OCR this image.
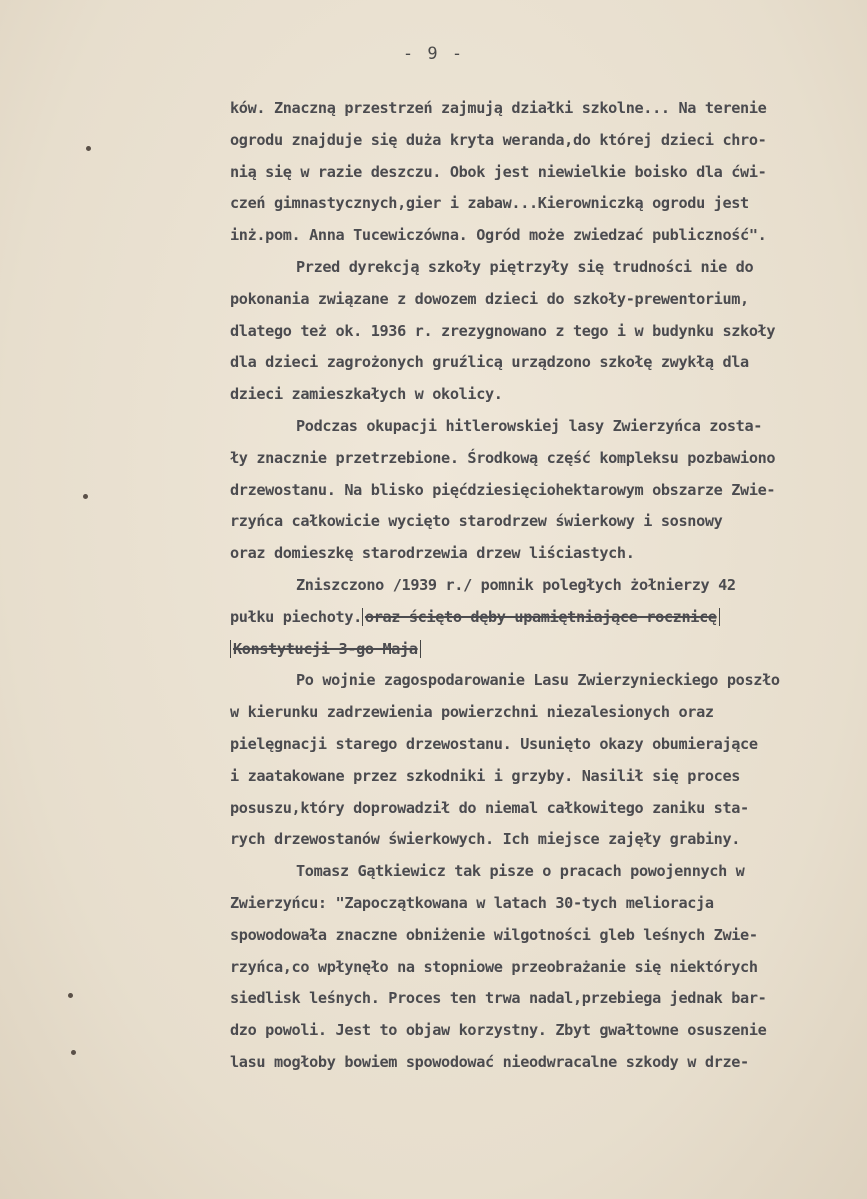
- 9 -
ków. Znaczną przestrzeń zajmują działki szkolne... Na terenie
ogrodu znajduje się duża kryta weranda,do której dzieci chro-
nią się w razie deszczu. Obok jest niewielkie boisko dla ćwi-
czeń gimnastycznych,gier i zabaw...Kierowniczką ogrodu jest
inż.pom. Anna Tucewiczówna. Ogród może zwiedzać publiczność".
Przed dyrekcją szkoły piętrzyły się trudności nie do
pokonania związane z dowozem dzieci do szkoły-prewentorium,
dlatego też ok. 1936 r. zrezygnowano z tego i w budynku szkoły
dla dzieci zagrożonych gruźlicą urządzono szkołę zwykłą dla
dzieci zamieszkałych w okolicy.
Podczas okupacji hitlerowskiej lasy Zwierzyńca zosta-
ły znacznie przetrzebione. Środkową część kompleksu pozbawiono
drzewostanu. Na blisko pięćdziesięciohektarowym obszarze Zwie-
rzyńca całkowicie wycięto starodrzew świerkowy i sosnowy
oraz domieszkę starodrzewia drzew liściastych.
Zniszczono /1939 r./ pomnik poległych żołnierzy 42
pułku piechoty. oraz ścięto dęby upamiętniające rocznicę
Konstytucji 3-go Maja
Po wojnie zagospodarowanie Lasu Zwierzynieckiego poszło
w kierunku zadrzewienia powierzchni niezalesionych oraz
pielęgnacji starego drzewostanu. Usunięto okazy obumierające
i zaatakowane przez szkodniki i grzyby. Nasilił się proces
posuszu,który doprowadził do niemal całkowitego zaniku sta-
rych drzewostanów świerkowych. Ich miejsce zajęły grabiny.
Tomasz Gątkiewicz tak pisze o pracach powojennych w
Zwierzyńcu: "Zapoczątkowana w latach 30-tych melioracja
spowodowała znaczne obniżenie wilgotności gleb leśnych Zwie-
rzyńca,co wpłynęło na stopniowe przeobrażanie się niektórych
siedlisk leśnych. Proces ten trwa nadal,przebiega jednak bar-
dzo powoli. Jest to objaw korzystny. Zbyt gwałtowne osuszenie
lasu mogłoby bowiem spowodować nieodwracalne szkody w drze-
